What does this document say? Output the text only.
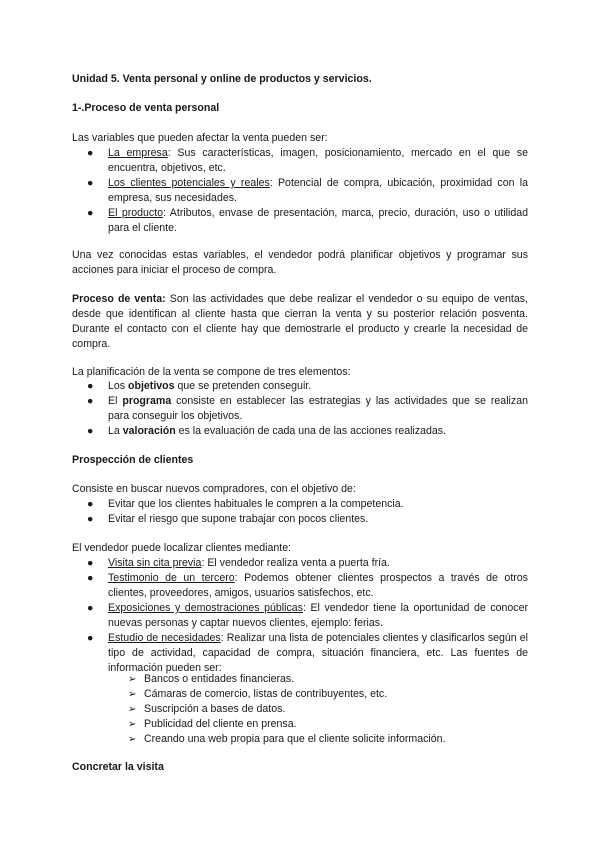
Unidad 5. Venta personal y online de productos y servicios.

1-.Proceso de venta personal

Las variables que pueden afectar la venta pueden ser:

● La empresa: Sus características, imagen, posicionamiento, mercado en el que se encuentra, objetivos, etc.
● Los clientes potenciales y reales: Potencial de compra, ubicación, proximidad con la empresa, sus necesidades.
● El producto: Atributos, envase de presentación, marca, precio, duración, uso o utilidad para el cliente.

Una vez conocidas estas variables, el vendedor podrá planificar objetivos y programar sus acciones para iniciar el proceso de compra.

Proceso de venta: Son las actividades que debe realizar el vendedor o su equipo de ventas, desde que identifican al cliente hasta que cierran la venta y su posterior relación posventa. Durante el contacto con el cliente hay que demostrarle el producto y crearle la necesidad de compra.

La planificación de la venta se compone de tres elementos:

● Los objetivos que se pretenden conseguir.
● El programa consiste en establecer las estrategias y las actividades que se realizan para conseguir los objetivos.
● La valoración es la evaluación de cada una de las acciones realizadas.

Prospección de clientes

Consiste en buscar nuevos compradores, con el objetivo de:

● Evitar que los clientes habituales le compren a la competencia.
● Evitar el riesgo que supone trabajar con pocos clientes.

El vendedor puede localizar clientes mediante:

● Visita sin cita previa: El vendedor realiza venta a puerta fría.
● Testimonio de un tercero: Podemos obtener clientes prospectos a través de otros clientes, proveedores, amigos, usuarios satisfechos, etc.
● Exposiciones y demostraciones públicas: El vendedor tiene la oportunidad de conocer nuevas personas y captar nuevos clientes, ejemplo: ferias.
● Estudio de necesidades: Realizar una lista de potenciales clientes y clasificarlos según el tipo de actividad, capacidad de compra, situación financiera, etc. Las fuentes de información pueden ser:
➢ Bancos o entidades financieras.
➢ Cámaras de comercio, listas de contribuyentes, etc.
➢ Suscripción a bases de datos.
➢ Publicidad del cliente en prensa.
➢ Creando una web propia para que el cliente solicite información.

Concretar la visita
